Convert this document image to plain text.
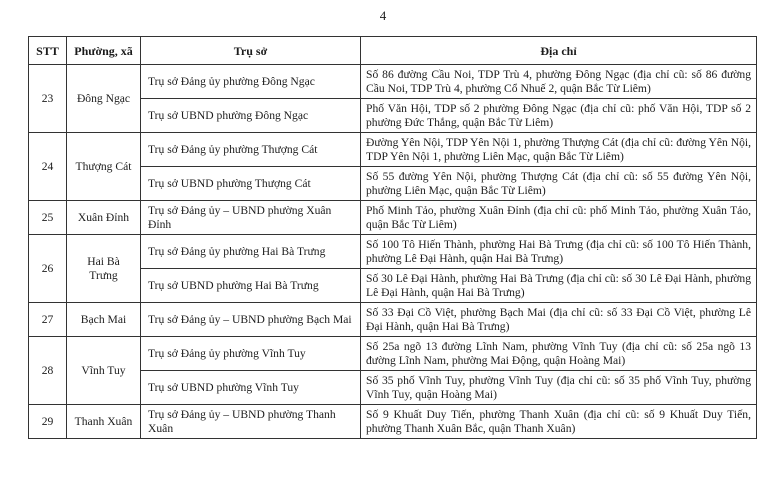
4
STT	Phường, xã	Trụ sở	Địa chỉ
23	Đông Ngạc	Trụ sở Đảng ủy phường Đông Ngạc	Số 86 đường Cầu Noi, TDP Trù 4, phường Đông Ngạc (địa chỉ cũ: số 86 đường Cầu Noi, TDP Trù 4, phường Cổ Nhuế 2, quận Bắc Từ Liêm)
		Trụ sở UBND phường Đông Ngạc	Phố Văn Hội, TDP số 2 phường Đông Ngạc (địa chỉ cũ: phố Văn Hội, TDP số 2 phường Đức Thắng, quận Bắc Từ Liêm)
24	Thượng Cát	Trụ sở Đảng ủy phường Thượng Cát	Đường Yên Nội, TDP Yên Nội 1, phường Thượng Cát (địa chỉ cũ: đường Yên Nội, TDP Yên Nội 1, phường Liên Mạc, quận Bắc Từ Liêm)
		Trụ sở UBND phường Thượng Cát	Số 55 đường Yên Nội, phường Thượng Cát (địa chỉ cũ: số 55 đường Yên Nội, phường Liên Mạc, quận Bắc Từ Liêm)
25	Xuân Đỉnh	Trụ sở Đảng ủy – UBND phường Xuân Đỉnh	Phố Minh Tảo, phường Xuân Đỉnh (địa chỉ cũ: phố Minh Tảo, phường Xuân Tảo, quận Bắc Từ Liêm)
26	Hai Bà Trưng	Trụ sở Đảng ủy phường Hai Bà Trưng	Số 100 Tô Hiến Thành, phường Hai Bà Trưng (địa chỉ cũ: số 100 Tô Hiến Thành, phường Lê Đại Hành, quận Hai Bà Trưng)
		Trụ sở UBND phường Hai Bà Trưng	Số 30 Lê Đại Hành, phường Hai Bà Trưng (địa chỉ cũ: số 30 Lê Đại Hành, phường Lê Đại Hành, quận Hai Bà Trưng)
27	Bạch Mai	Trụ sở Đảng ủy – UBND phường Bạch Mai	Số 33 Đại Cồ Việt, phường Bạch Mai (địa chỉ cũ: số 33 Đại Cồ Việt, phường Lê Đại Hành, quận Hai Bà Trưng)
28	Vĩnh Tuy	Trụ sở Đảng ủy phường Vĩnh Tuy	Số 25a ngõ 13 đường Lĩnh Nam, phường Vĩnh Tuy (địa chỉ cũ: số 25a ngõ 13 đường Lĩnh Nam, phường Mai Động, quận Hoàng Mai)
		Trụ sở UBND phường Vĩnh Tuy	Số 35 phố Vĩnh Tuy, phường Vĩnh Tuy (địa chỉ cũ: số 35 phố Vĩnh Tuy, phường Vĩnh Tuy, quận Hoàng Mai)
29	Thanh Xuân	Trụ sở Đảng ủy – UBND phường Thanh Xuân	Số 9 Khuất Duy Tiến, phường Thanh Xuân (địa chỉ cũ: số 9 Khuất Duy Tiến, phường Thanh Xuân Bắc, quận Thanh Xuân)
